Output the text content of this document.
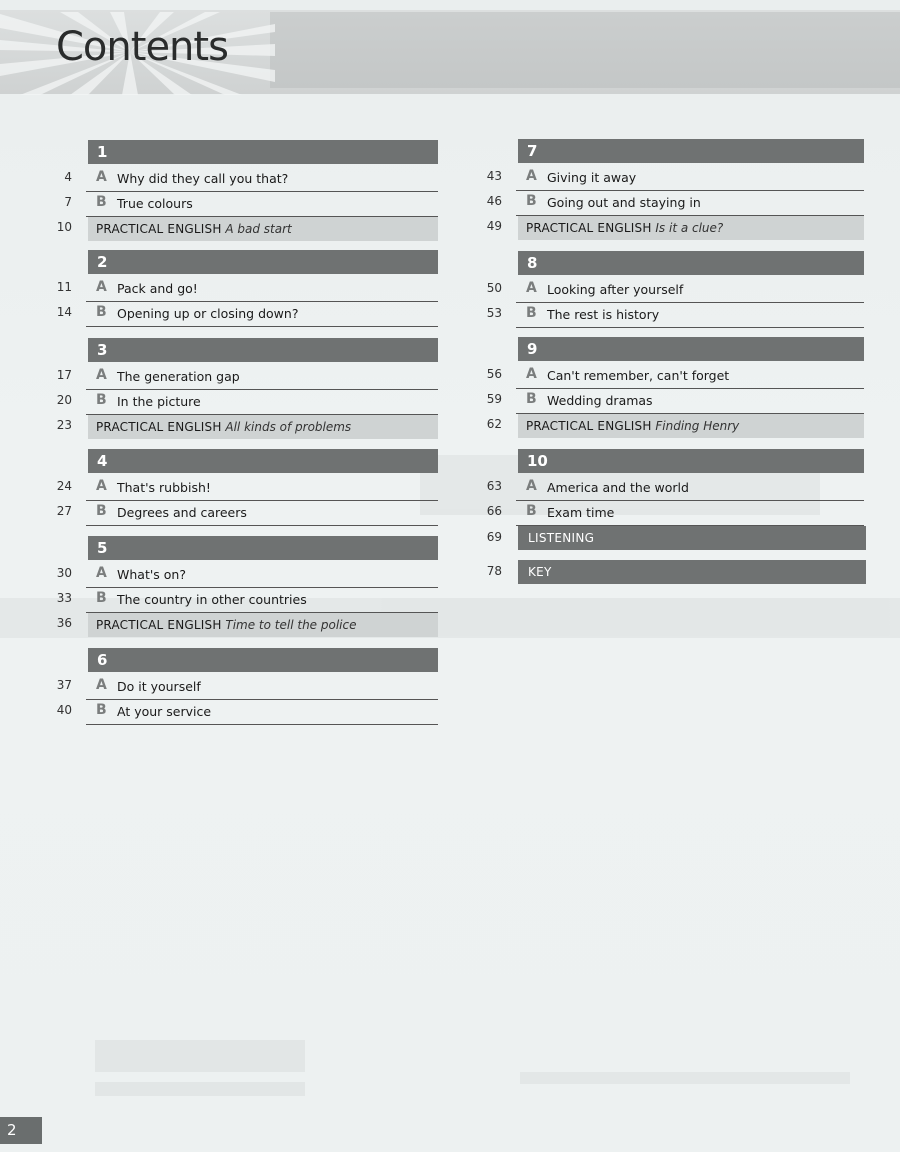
Contents
1
4 A Why did they call you that?
7 B True colours
10	PRACTICAL ENGLISH A bad start
2
11 A Pack and go!
14 B Opening up or closing down?
3
17 A The generation gap
20 B In the picture
23	PRACTICAL ENGLISH All kinds of problems
4
24 A That's rubbish!
27 B Degrees and careers
5
30 A What's on?
33 B The country in other countries
36	PRACTICAL ENGLISH Time to tell the police
6
37 A Do it yourself
40 B At your service
7
43 A Giving it away
46 B Going out and staying in
49	PRACTICAL ENGLISH Is it a clue?
8
50 A Looking after yourself
53 B The rest is history
9
56 A Can't remember, can't forget
59 B Wedding dramas
62	PRACTICAL ENGLISH Finding Henry
10
63 A America and the world
66 B Exam time
69	LISTENING
78	KEY
2
